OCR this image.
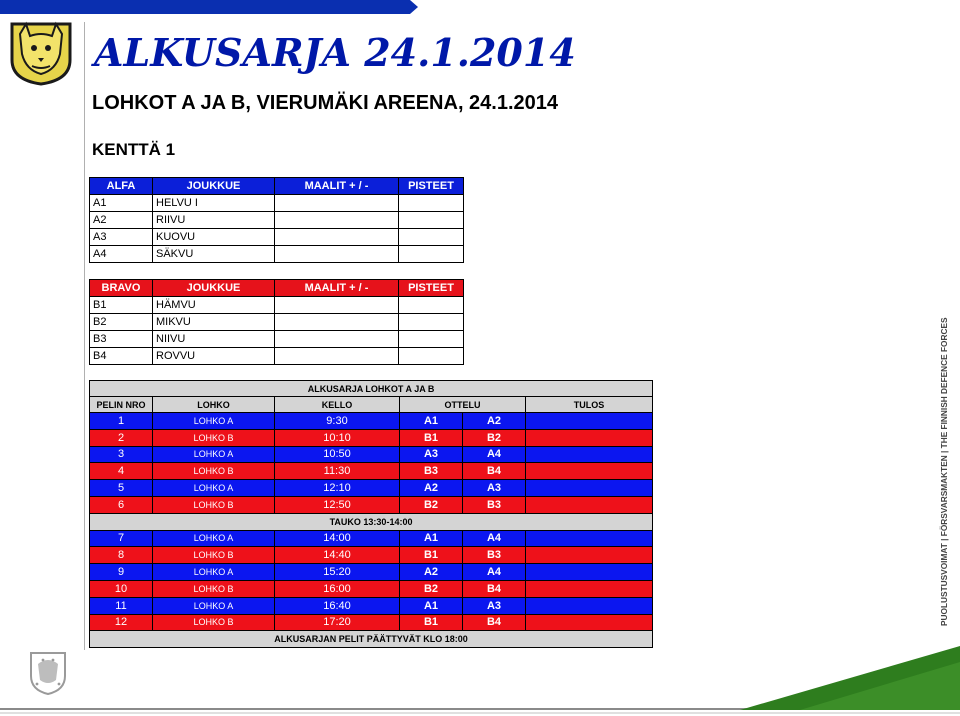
ALKUSARJA 24.1.2014
LOHKOT A JA B, VIERUMÄKI AREENA, 24.1.2014
KENTTÄ 1
ALFA	JOUKKUE	MAALIT + / -	PISTEET
A1	HELVU I		
A2	RIIVU		
A3	KUOVU		
A4	SÄKVU		
BRAVO	JOUKKUE	MAALIT + / -	PISTEET
B1	HÄMVU		
B2	MIKVU		
B3	NIIVU		
B4	ROVVU		
ALKUSARJA LOHKOT A JA B					
PELIN NRO	LOHKO	KELLO	OTTELU		TULOS
1	LOHKO A	9:30	A1	A2	
2	LOHKO B	10:10	B1	B2	
3	LOHKO A	10:50	A3	A4	
4	LOHKO B	11:30	B3	B4	
5	LOHKO A	12:10	A2	A3	
6	LOHKO B	12:50	B2	B3	
TAUKO 13:30-14:00					
7	LOHKO A	14:00	A1	A4	
8	LOHKO B	14:40	B1	B3	
9	LOHKO A	15:20	A2	A4	
10	LOHKO B	16:00	B2	B4	
11	LOHKO A	16:40	A1	A3	
12	LOHKO B	17:20	B1	B4	
ALKUSARJAN PELIT PÄÄTTYVÄT KLO 18:00					
PUOLUSTUSVOIMAT | FÖRSVARSMAKTEN | THE FINNISH DEFENCE FORCES
